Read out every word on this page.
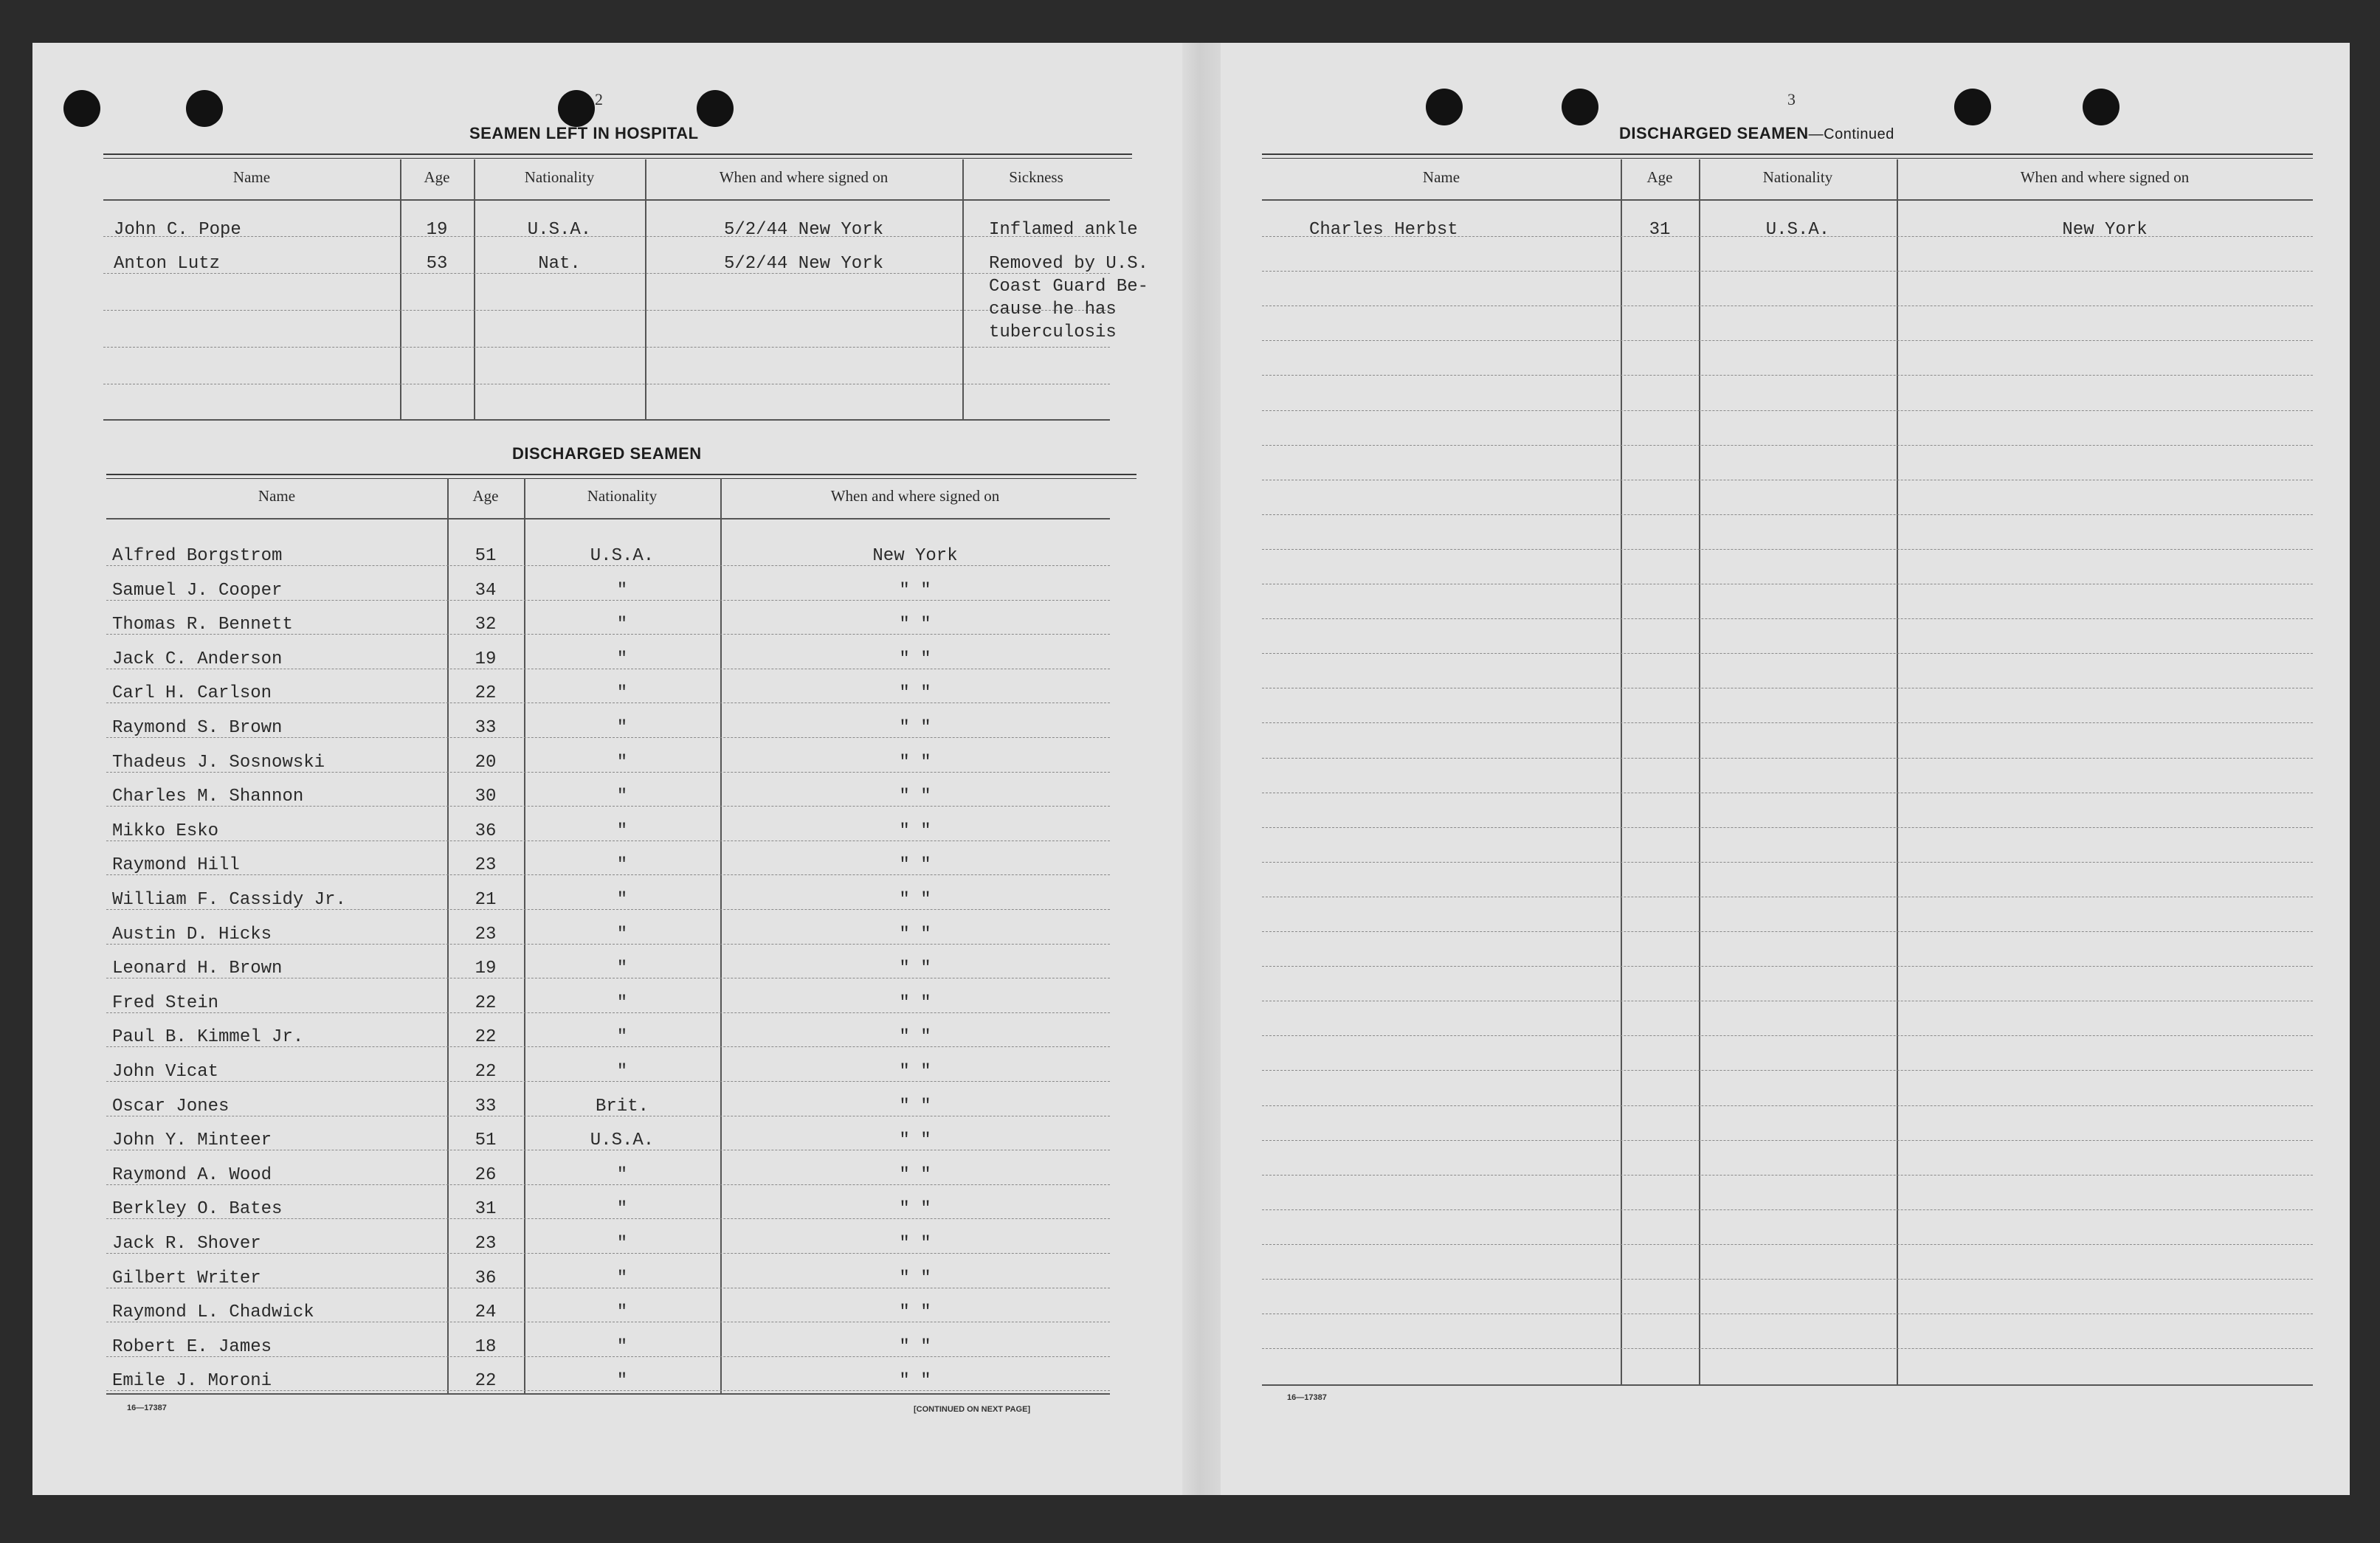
2
SEAMEN LEFT IN HOSPITAL
Name	Age	Nationality	When and where signed on	Sickness
John C. Pope	19	U.S.A.	5/2/44 New York	Inflamed ankle
Anton Lutz	53	Nat.	5/2/44 New York	Removed by U.S.
Coast Guard Be-
cause he has
tuberculosis
DISCHARGED SEAMEN
Name	Age	Nationality	When and where signed on
Alfred Borgstrom	51	U.S.A.	New York
Samuel J. Cooper	34	"	" "
Thomas R. Bennett	32	"	" "
Jack C. Anderson	19	"	" "
Carl H. Carlson	22	"	" "
Raymond S. Brown	33	"	" "
Thadeus J. Sosnowski	20	"	" "
Charles M. Shannon	30	"	" "
Mikko Esko	36	"	" "
Raymond Hill	23	"	" "
William F. Cassidy Jr.	21	"	" "
Austin D. Hicks	23	"	" "
Leonard H. Brown	19	"	" "
Fred Stein	22	"	" "
Paul B. Kimmel Jr.	22	"	" "
John Vicat	22	"	" "
Oscar Jones	33	Brit.	" "
John Y. Minteer	51	U.S.A.	" "
Raymond A. Wood	26	"	" "
Berkley O. Bates	31	"	" "
Jack R. Shover	23	"	" "
Gilbert Writer	36	"	" "
Raymond L. Chadwick	24	"	" "
Robert E. James	18	"	" "
Emile J. Moroni	22	"	" "
16—17387	[CONTINUED ON NEXT PAGE]
3
DISCHARGED SEAMEN—Continued
Name	Age	Nationality	When and where signed on
Charles Herbst	31	U.S.A.	New York
16—17387
